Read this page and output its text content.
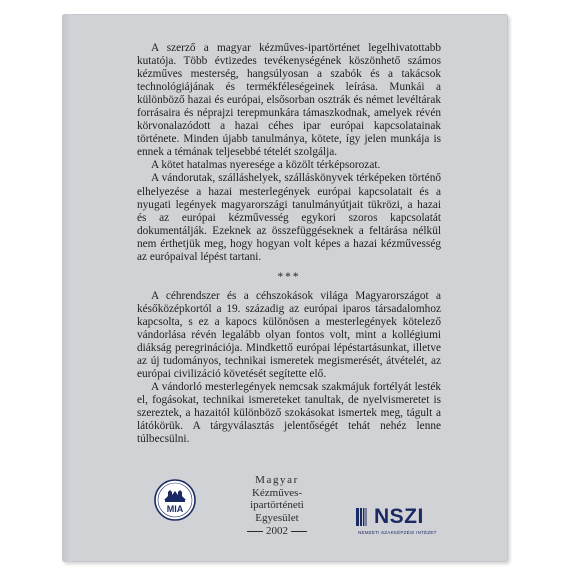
A szerző a magyar kézműves-ipartörténet legelhivatottabb kutatója. Több évtizedes tevékenységének köszönhető számos kézműves mesterség, hangsúlyosan a szabók és a takácsok technológiájának és termékféleségeinek leírása. Munkái a különböző hazai és európai, elsősorban osztrák és német levéltárak forrásaira és néprajzi terepmunkára támaszkodnak, amelyek révén körvonalazódott a hazai céhes ipar európai kapcsolatainak története. Minden újabb tanulmánya, kötete, így jelen munkája is ennek a témának teljesebbé tételét szolgálja.

A kötet hatalmas nyeresége a közölt térképsorozat.

A vándorutak, szálláshelyek, szálláskönyvek térképeken történő elhelyezése a hazai mesterlegények európai kapcsolatait és a nyugati legények magyarországi tanulmányútjait tükrözi, a hazai és az európai kézművesség egykori szoros kapcsolatát dokumentálják. Ezeknek az összefüggéseknek a feltárása nélkül nem érthetjük meg, hogy hogyan volt képes a hazai kézművesség az európaival lépést tartani.

***

A céhrendszer és a céhszokások világa Magyarországot a későközépkortól a 19. századig az európai iparos társadalomhoz kapcsolta, s ez a kapocs különösen a mesterlegények kötelező vándorlása révén legalább olyan fontos volt, mint a kollégiumi diákság peregrinációja. Mindkettő európai lépéstartásunkat, illetve az új tudományos, technikai ismeretek megismerését, átvételét, az európai civilizáció követését segítette elő.

A vándorló mesterlegények nemcsak szakmájuk fortélyát lesték el, fogásokat, technikai ismereteket tanultak, de nyelvismeretet is szereztek, a hazaitól különböző szokásokat ismertek meg, tágult a látókörük. A tárgyválasztás jelentőségét tehát nehéz lenne túlbecsülni.

MIA
Magyar
Kézműves-
ipartörténeti
Egyesület
2002
NSZI
NEMZETI SZAKKÉPZÉSI INTÉZET
